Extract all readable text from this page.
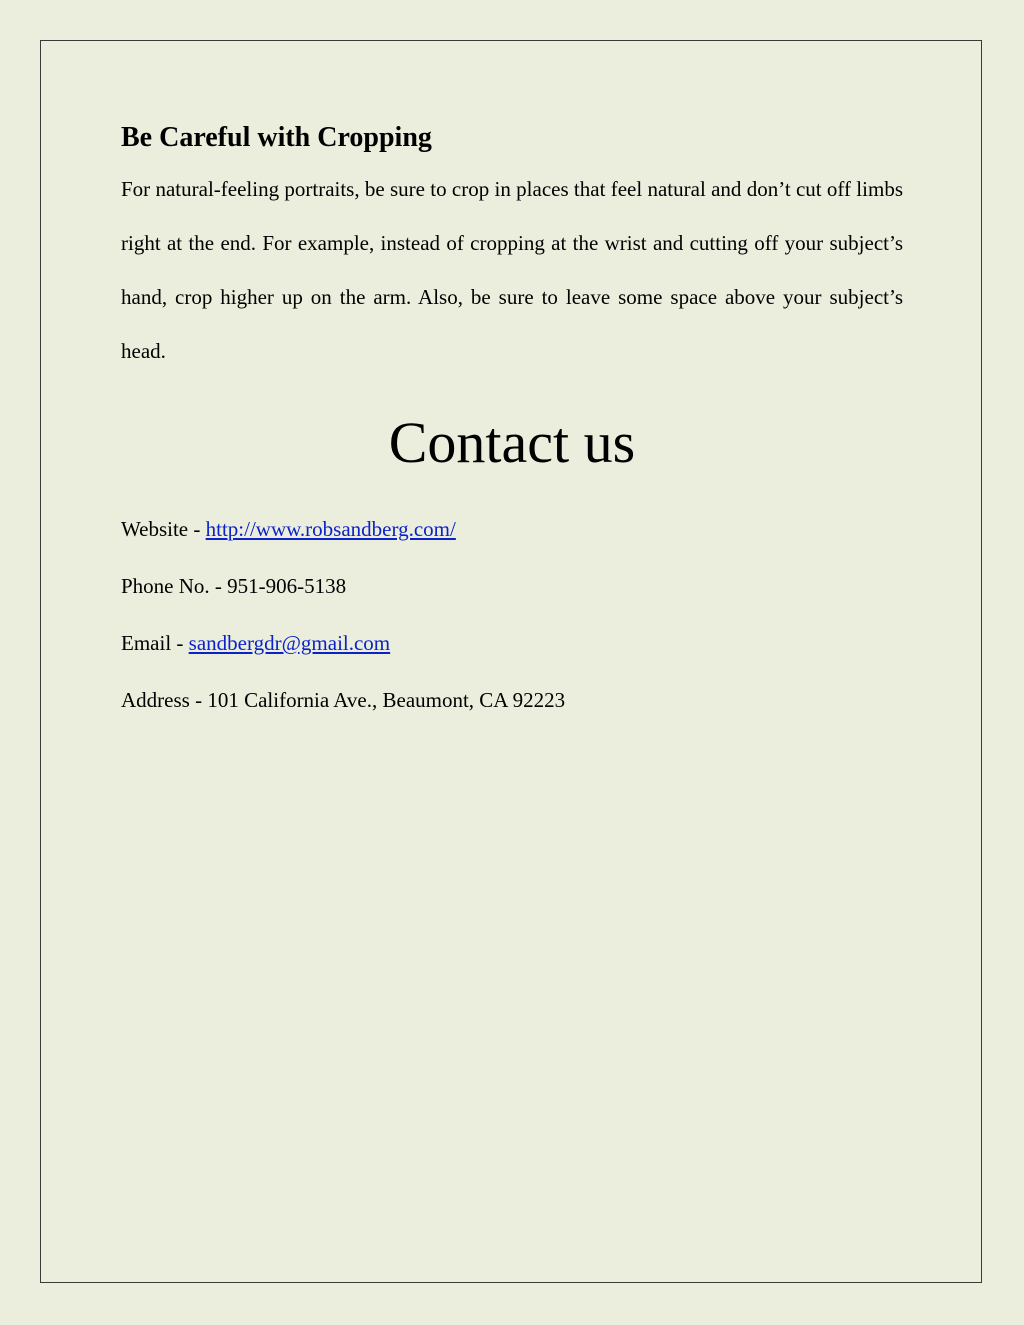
Be Careful with Cropping

For natural-feeling portraits, be sure to crop in places that feel natural and don’t cut off limbs right at the end. For example, instead of cropping at the wrist and cutting off your subject’s hand, crop higher up on the arm. Also, be sure to leave some space above your subject’s head.

Contact us
Website - http://www.robsandberg.com/
Phone No. - 951-906-5138
Email - sandbergdr@gmail.com
Address - 101 California Ave., Beaumont, CA 92223
